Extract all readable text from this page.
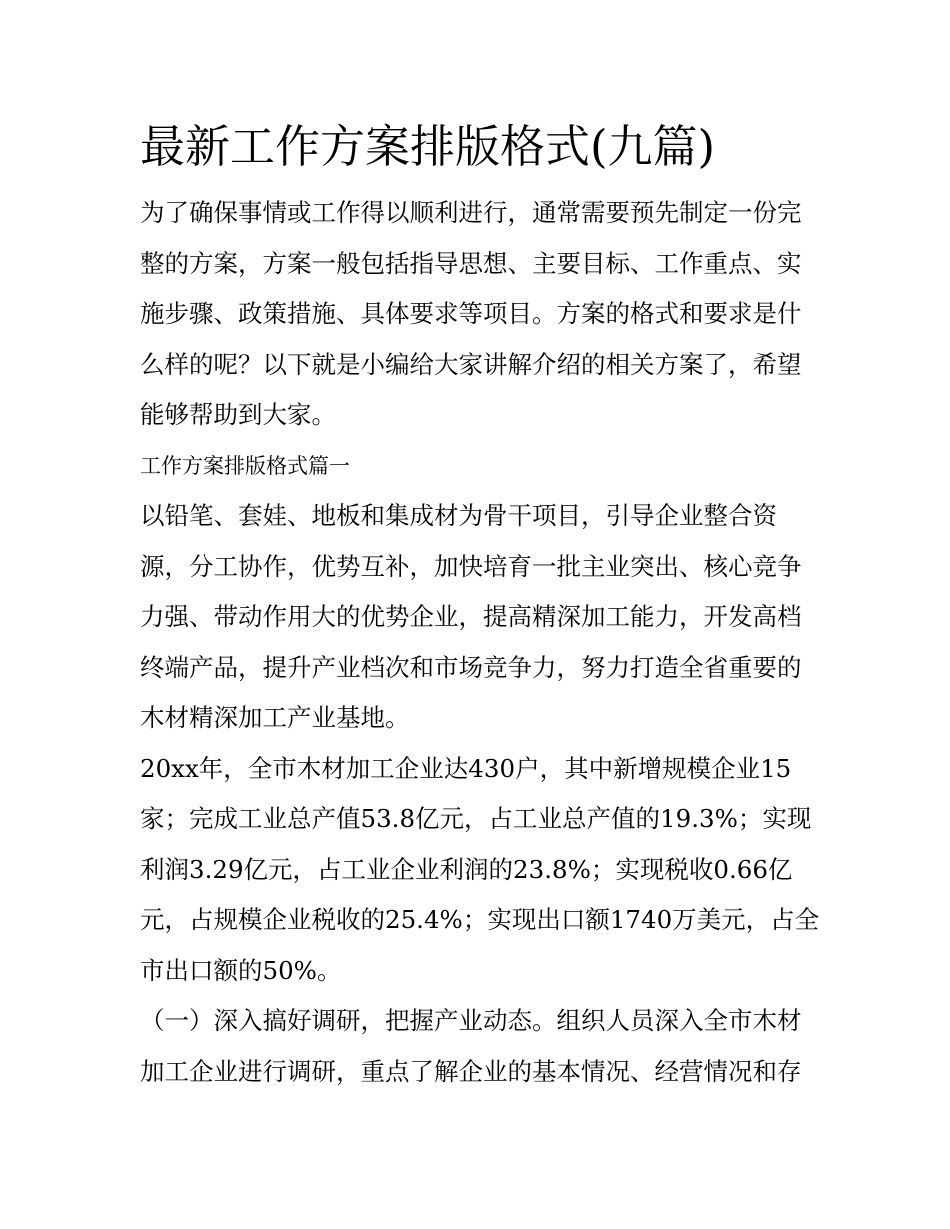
最新工作方案排版格式(九篇)

为了确保事情或工作得以顺利进行，通常需要预先制定一份完整的方案，方案一般包括指导思想、主要目标、工作重点、实施步骤、政策措施、具体要求等项目。方案的格式和要求是什么样的呢？以下就是小编给大家讲解介绍的相关方案了，希望能够帮助到大家。

工作方案排版格式篇一

以铅笔、套娃、地板和集成材为骨干项目，引导企业整合资源，分工协作，优势互补，加快培育一批主业突出、核心竞争力强、带动作用大的优势企业，提高精深加工能力，开发高档终端产品，提升产业档次和市场竞争力，努力打造全省重要的木材精深加工产业基地。

20xx年，全市木材加工企业达430户，其中新增规模企业15家；完成工业总产值53.8亿元，占工业总产值的19.3%；实现利润3.29亿元，占工业企业利润的23.8%；实现税收0.66亿元，占规模企业税收的25.4%；实现出口额1740万美元，占全市出口额的50%。

（一）深入搞好调研，把握产业动态。组织人员深入全市木材加工企业进行调研，重点了解企业的基本情况、经营情况和存
